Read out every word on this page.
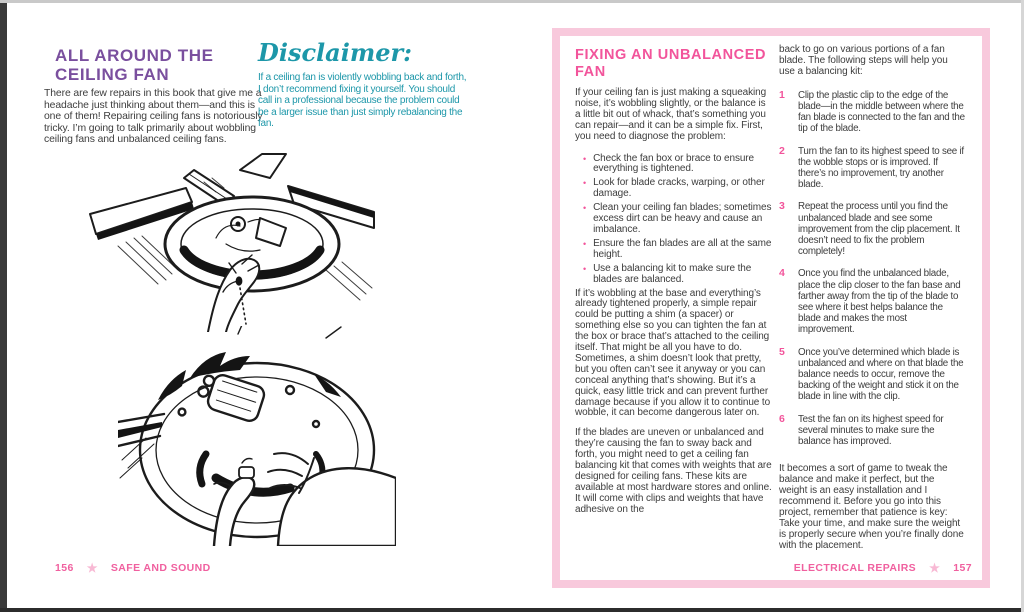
ALL AROUND THE CEILING FAN

There are few repairs in this book that give me a headache just thinking about them—and this is one of them! Repairing ceiling fans is notoriously tricky. I’m going to talk primarily about wobbling ceiling fans and unbalanced ceiling fans.

Disclaimer:

If a ceiling fan is violently wobbling back and forth, I don’t recommend fixing it yourself. You should call in a professional because the problem could be a larger issue than just simply rebalancing the fan.

156 ★ SAFE AND SOUND
FIXING AN UNBALANCED FAN

If your ceiling fan is just making a squeaking noise, it’s wobbling slightly, or the balance is a little bit out of whack, that’s something you can repair—and it can be a simple fix. First, you need to diagnose the problem:

• Check the fan box or brace to ensure everything is tightened.
• Look for blade cracks, warping, or other damage.
• Clean your ceiling fan blades; sometimes excess dirt can be heavy and cause an imbalance.
• Ensure the fan blades are all at the same height.
• Use a balancing kit to make sure the blades are balanced.

If it’s wobbling at the base and everything’s already tightened properly, a simple repair could be putting a shim (a spacer) or something else so you can tighten the fan at the box or brace that’s attached to the ceiling itself. That might be all you have to do. Sometimes, a shim doesn’t look that pretty, but you often can’t see it anyway or you can conceal anything that’s showing. But it’s a quick, easy little trick and can prevent further damage because if you allow it to continue to wobble, it can become dangerous later on.

If the blades are uneven or unbalanced and they’re causing the fan to sway back and forth, you might need to get a ceiling fan balancing kit that comes with weights that are designed for ceiling fans. These kits are available at most hardware stores and online. It will come with clips and weights that have adhesive on the

back to go on various portions of a fan blade. The following steps will help you use a balancing kit:

1	Clip the plastic clip to the edge of the blade—in the middle between where the fan blade is connected to the fan and the tip of the blade.
2	Turn the fan to its highest speed to see if the wobble stops or is improved. If there’s no improvement, try another blade.
3	Repeat the process until you find the unbalanced blade and see some improvement from the clip placement. It doesn’t need to fix the problem completely!
4	Once you find the unbalanced blade, place the clip closer to the fan base and farther away from the tip of the blade to see where it best helps balance the blade and makes the most improvement.
5	Once you’ve determined which blade is unbalanced and where on that blade the balance needs to occur, remove the backing of the weight and stick it on the blade in line with the clip.
6	Test the fan on its highest speed for several minutes to make sure the balance has improved.

It becomes a sort of game to tweak the balance and make it perfect, but the weight is an easy installation and I recommend it. Before you go into this project, remember that patience is key: Take your time, and make sure the weight is properly secure when you’re finally done with the placement.

ELECTRICAL REPAIRS ★ 157
